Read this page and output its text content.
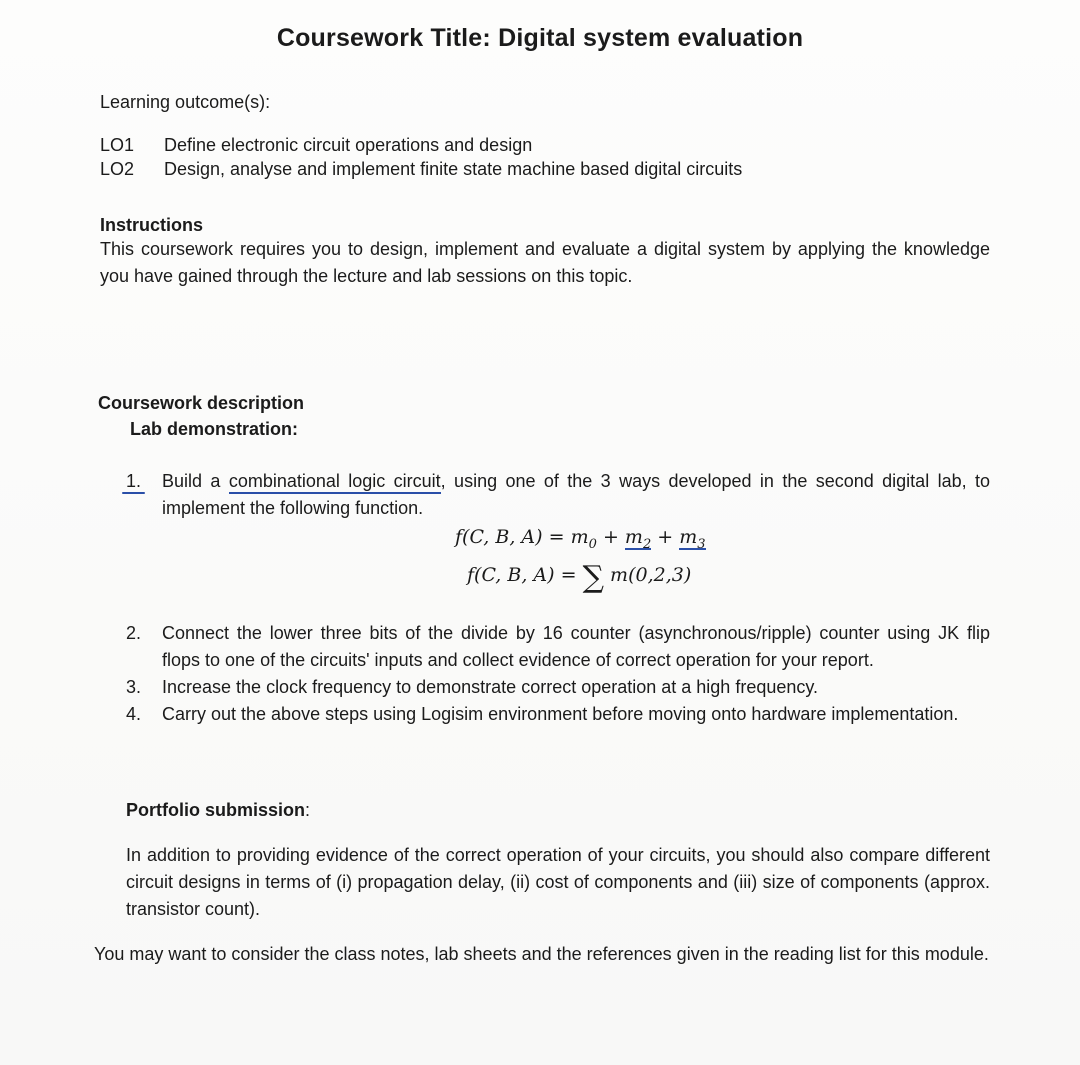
Coursework Title: Digital system evaluation

Learning outcome(s):

LO1 Define electronic circuit operations and design
LO2 Design, analyse and implement finite state machine based digital circuits

Instructions

This coursework requires you to design, implement and evaluate a digital system by applying the knowledge you have gained through the lecture and lab sessions on this topic.

Coursework description

Lab demonstration:

1. Build a combinational logic circuit, using one of the 3 ways developed in the second digital lab, to implement the following function.
f(C, B, $A) = m_0 + m_2 + m_3$
f(C, B, A) = ∑ m(0,2,3)
2. Connect the lower three bits of the divide by 16 counter (asynchronous/ripple) counter using JK flip flops to one of the circuits' inputs and collect evidence of correct operation for your report.
3. Increase the clock frequency to demonstrate correct operation at a high frequency.
4. Carry out the above steps using Logisim environment before moving onto hardware implementation.

Portfolio submission:

In addition to providing evidence of the correct operation of your circuits, you should also compare different circuit designs in terms of (i) propagation delay, (ii) cost of components and (iii) size of components (approx. transistor count).

You may want to consider the class notes, lab sheets and the references given in the reading list for this module.
